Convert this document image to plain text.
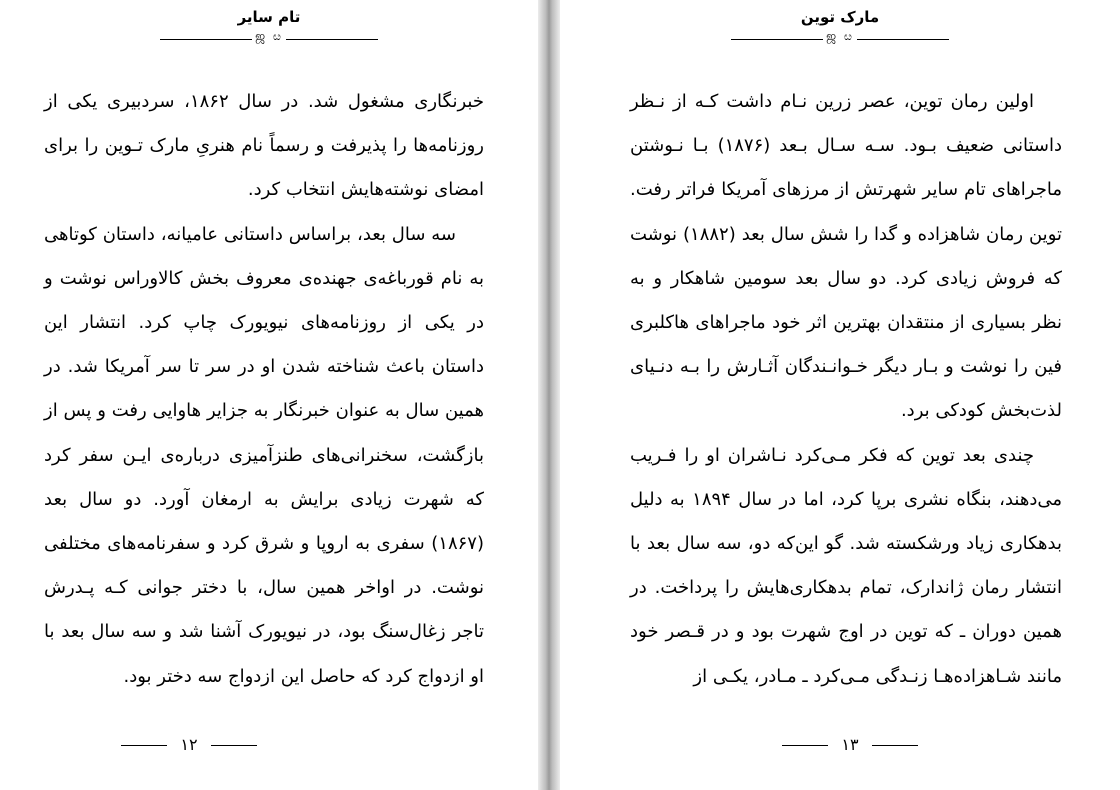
تام سایر
ஜ ೞ

خبرنگاری مشغول شد. در سال ۱۸۶۲، سردبیری یکی از روزنامه‌ها را پذیرفت و رسماً نام هنریِ مارک تـوین را برای امضای نوشته‌هایش انتخاب کرد.

سه سال بعد، براساس داستانی عامیانه، داستان کوتاهی به نام قورباغه‌ی جهنده‌ی معروف بخش کالاوراس نوشت و در یکی از روزنامه‌های نیویورک چاپ کرد. انتشار این داستان باعث شناخته شدن او در سر تا سر آمریکا شد. در همین سال به عنوان خبرنگار به جزایر هاوایی رفت و پس از بازگشت، سخنرانی‌های طنزآمیزی درباره‌ی ایـن سفر کرد که شهرت زیادی برایش به ارمغان آورد. دو سال بعد (۱۸۶۷) سفری به اروپا و شرق کرد و سفرنامه‌های مختلفی نوشت. در اواخر همین سال، با دختر جوانی کـه پـدرش تاجر زغال‌سنگ بود، در نیویورک آشنا شد و سه سال بعد با او ازدواج کرد که حاصل این ازدواج سه دختر بود.

۱۲
مارک توین
ஜ ೞ

اولین رمان توین، عصر زرین نـام داشت کـه از نـظر داستانی ضعیف بـود. سـه سـال بـعد (۱۸۷۶) بـا نـوشتن ماجراهای تام سایر شهرتش از مرزهای آمریکا فراتر رفت. توین رمان شاهزاده و گدا را شش سال بعد (۱۸۸۲) نوشت که فروش زیادی کرد. دو سال بعد سومین شاهکار و به نظر بسیاری از منتقدان بهترین اثر خود ماجراهای هاکلبری فین را نوشت و بـار دیگر خـوانـندگان آثـارش را بـه دنـیای لذت‌بخش کودکی برد.

چندی بعد توین که فکر مـی‌کرد نـاشران او را فـریب می‌دهند، بنگاه نشری برپا کرد، اما در سال ۱۸۹۴ به دلیل بدهکاری زیاد ورشکسته شد. گو این‌که دو، سه سال بعد با انتشار رمان ژاندارک، تمام بدهکاری‌هایش را پرداخت. در همین دوران ـ که توین در اوج شهرت بود و در قـصر خود مانند شـاهزاده‌هـا زنـدگی مـی‌کرد ـ مـادر، یکـی از

۱۳
